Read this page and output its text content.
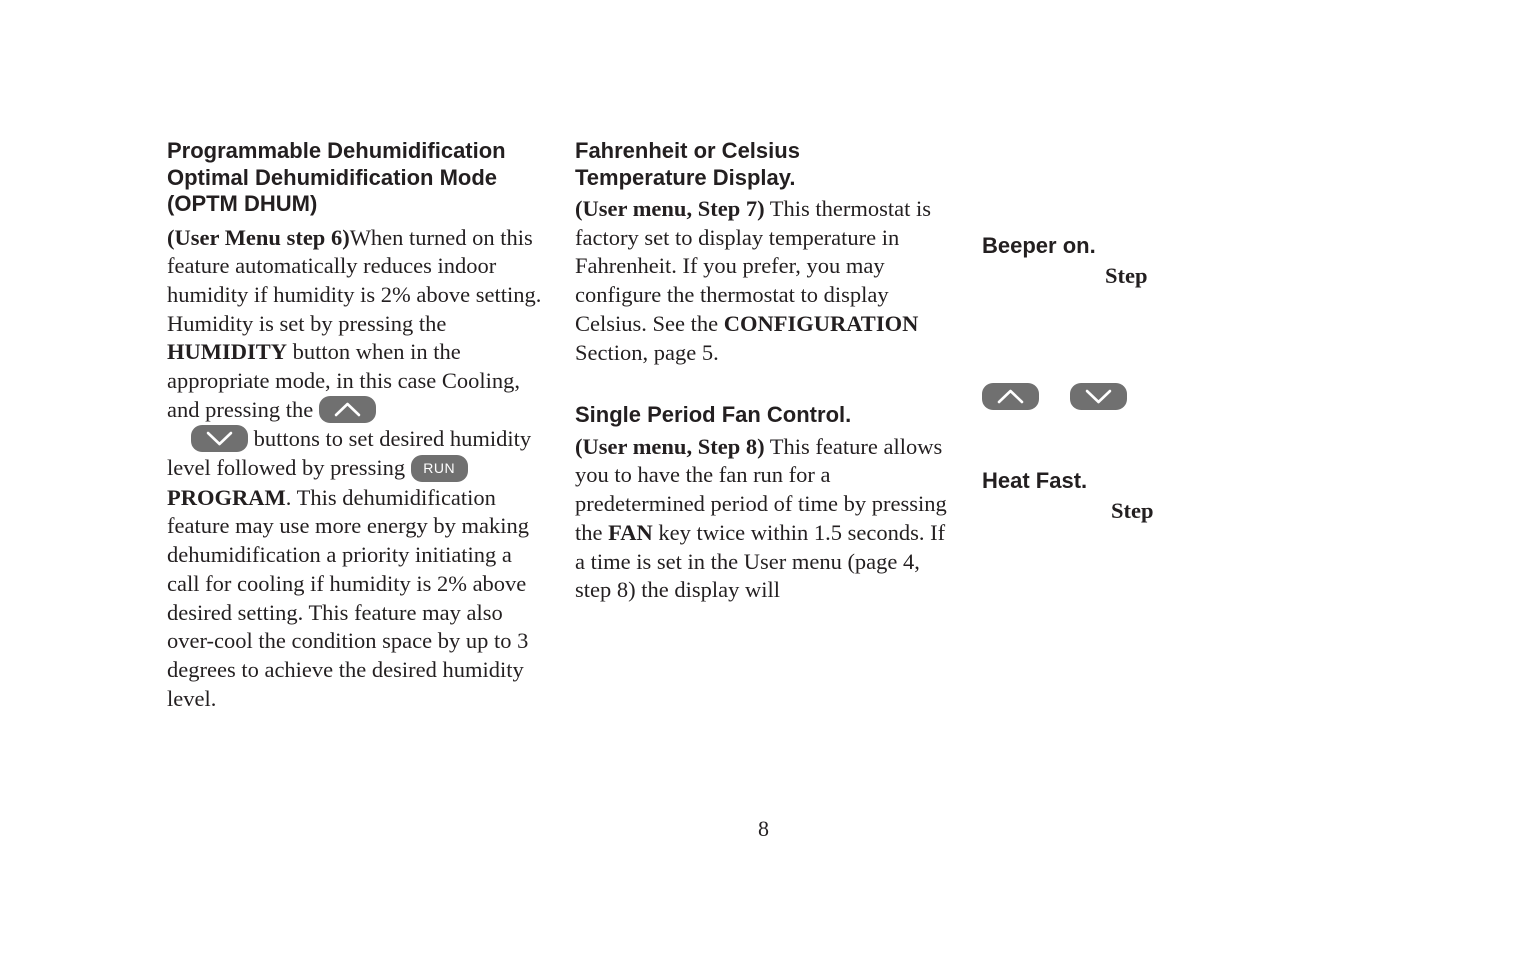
Programmable Dehumidification
Optimal Dehumidification Mode
(OPTM DHUM)

(User Menu step 6)When turned on this feature automatically reduces indoor humidity if humidity is 2% above setting. Humidity is set by pressing the HUMIDITY button when in the appropriate mode, in this case Cooling, and pressing the

buttons to set desired humidity level followed by pressing RUN PROGRAM. This dehumidification feature may use more energy by making dehumidification a priority initiating a call for cooling if humidity is 2% above desired setting. This feature may also over-cool the condition space by up to 3 degrees to achieve the desired humidity level.

Fahrenheit or Celsius
Temperature Display.

(User menu, Step 7) This thermostat is factory set to display temperature in Fahrenheit. If you prefer, you may configure the thermostat to display Celsius. See the CONFIGURATION Section, page 5.

Single Period Fan Control.

(User menu, Step 8) This feature allows you to have the fan run for a predetermined period of time by pressing the FAN key twice within 1.5 seconds. If a time is set in the User menu (page 4, step 8) the display will

Beeper on.

Step

Heat Fast.

Step

8
